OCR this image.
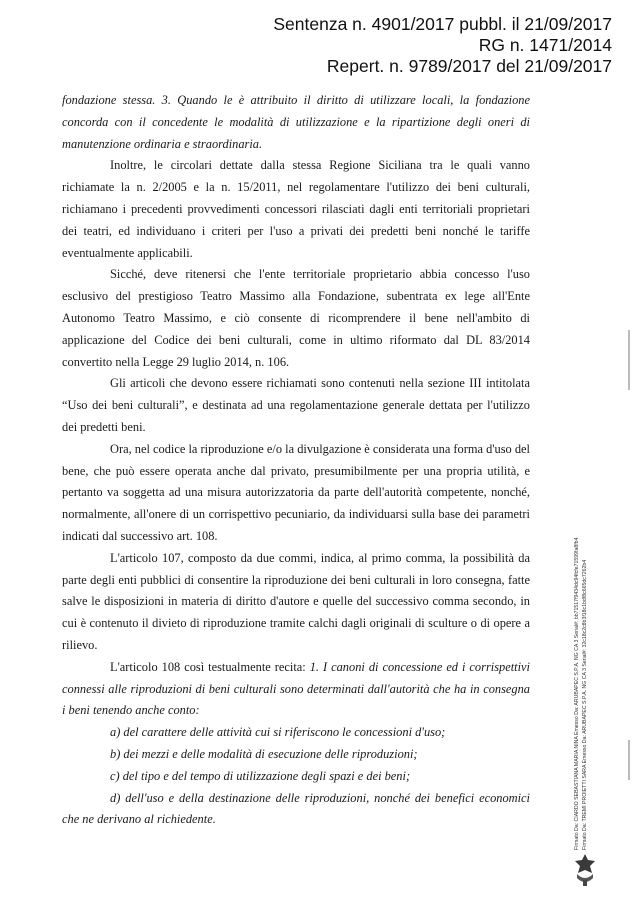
Sentenza n. 4901/2017 pubbl. il 21/09/2017
RG n. 1471/2014
Repert. n. 9789/2017 del 21/09/2017

fondazione stessa. 3. Quando le è attribuito il diritto di utilizzare locali, la fondazione concorda con il concedente le modalità di utilizzazione e la ripartizione degli oneri di manutenzione ordinaria e straordinaria.

Inoltre, le circolari dettate dalla stessa Regione Siciliana tra le quali vanno richiamate la n. 2/2005 e la n. 15/2011, nel regolamentare l'utilizzo dei beni culturali, richiamano i precedenti provvedimenti concessori rilasciati dagli enti territoriali proprietari dei teatri, ed individuano i criteri per l'uso a privati dei predetti beni nonché le tariffe eventualmente applicabili.

Sicché, deve ritenersi che l'ente territoriale proprietario abbia concesso l'uso esclusivo del prestigioso Teatro Massimo alla Fondazione, subentrata ex lege all'Ente Autonomo Teatro Massimo, e ciò consente di ricomprendere il bene nell'ambito di applicazione del Codice dei beni culturali, come in ultimo riformato dal DL 83/2014 convertito nella Legge 29 luglio 2014, n. 106.

Gli articoli che devono essere richiamati sono contenuti nella sezione III intitolata “Uso dei beni culturali”, e destinata ad una regolamentazione generale dettata per l'utilizzo dei predetti beni.

Ora, nel codice la riproduzione e/o la divulgazione è considerata una forma d'uso del bene, che può essere operata anche dal privato, presumibilmente per una propria utilità, e pertanto va soggetta ad una misura autorizzatoria da parte dell'autorità competente, nonché, normalmente, all'onere di un corrispettivo pecuniario, da individuarsi sulla base dei parametri indicati dal successivo art. 108.

L'articolo 107, composto da due commi, indica, al primo comma, la possibilità da parte degli enti pubblici di consentire la riproduzione dei beni culturali in loro consegna, fatte salve le disposizioni in materia di diritto d'autore e quelle del successivo comma secondo, in cui è contenuto il divieto di riproduzione tramite calchi dagli originali di sculture o di opere a rilievo.

L'articolo 108 così testualmente recita: 1. I canoni di concessione ed i corrispettivi connessi alle riproduzioni di beni culturali sono determinati dall'autorità che ha in consegna i beni tenendo anche conto:

a) del carattere delle attività cui si riferiscono le concessioni d'uso;

b) dei mezzi e delle modalità di esecuzione delle riproduzioni;

c) del tipo e del tempo di utilizzazione degli spazi e dei beni;

d) dell'uso e della destinazione delle riproduzioni, nonché dei benefici economici che ne derivano al richiedente.	Firmato Da: CIARDO SEBASTIANA MARIA NINA Emesso Da: ARUBAPEC S.P.A. NG CA 3 Serial#: bb71517f9434dc94fcfe71599fa8fb4 Firmato Da: TREMI PROIETTI SARA Emesso Da: ARUBAPEC S.P.A. NG CA 3 Serial#: 32c18c2c8b3f18c1bdf8c665dc7262b4
